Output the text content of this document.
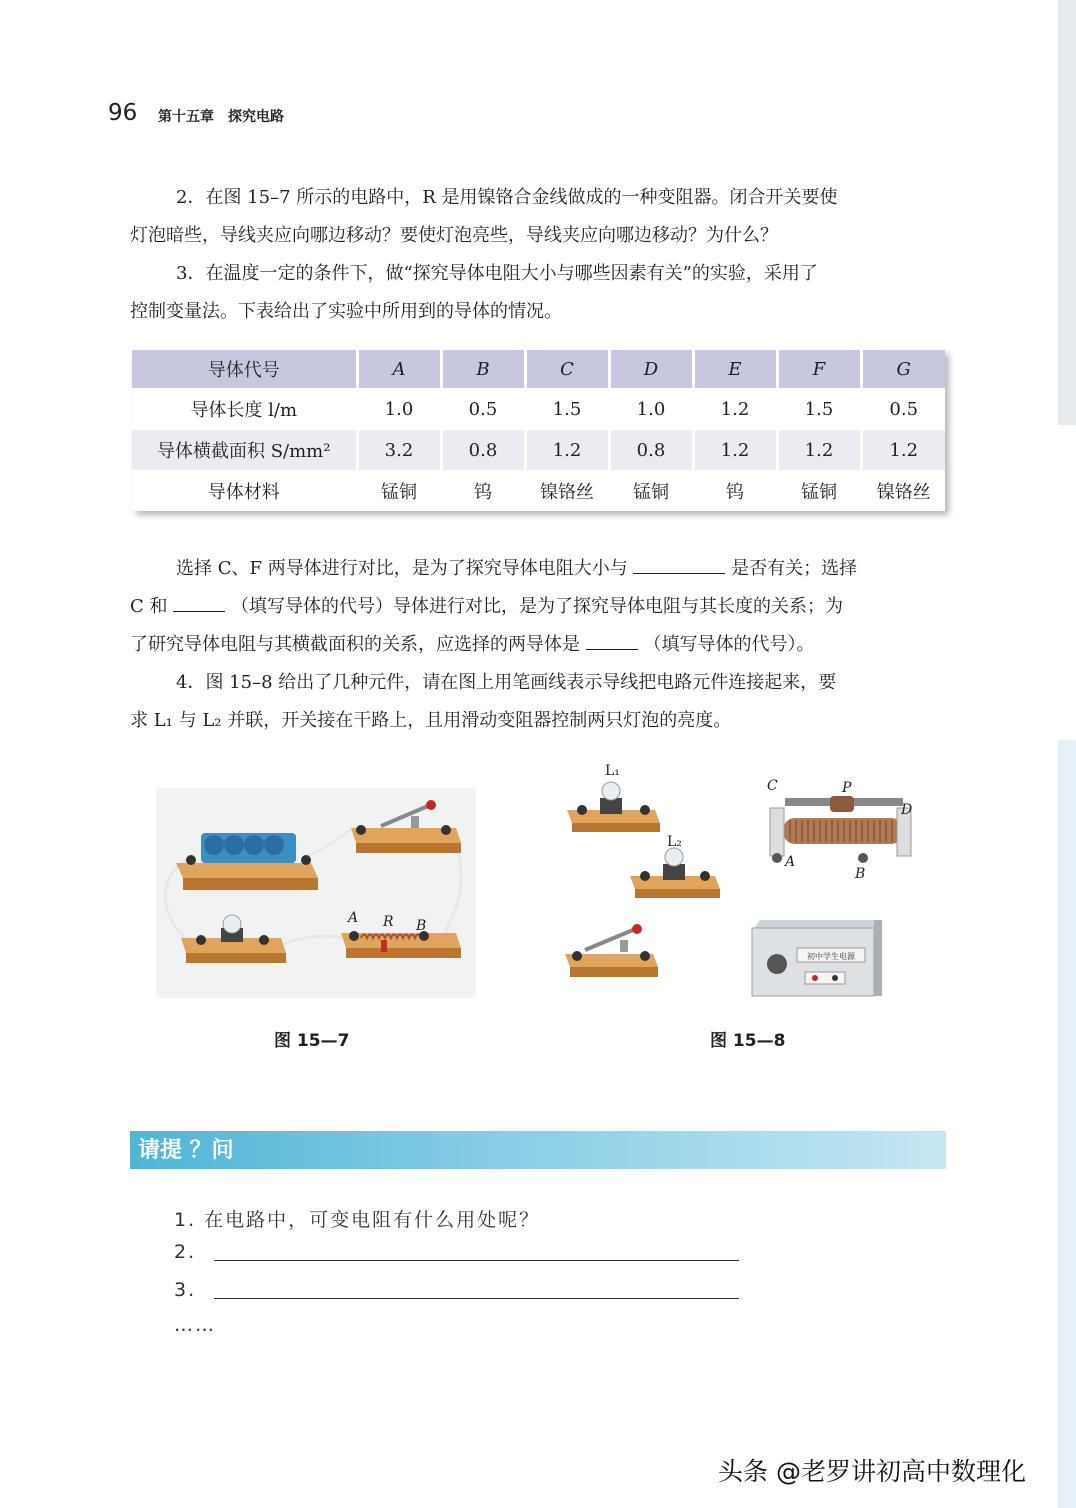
96 第十五章　探究电路

2．在图 15–7 所示的电路中，R 是用镍铬合金线做成的一种变阻器。闭合开关要使

灯泡暗些，导线夹应向哪边移动？要使灯泡亮些，导线夹应向哪边移动？为什么？

3．在温度一定的条件下，做“探究导体电阻大小与哪些因素有关”的实验，采用了

控制变量法。下表给出了实验中所用到的导体的情况。

导体代号	A	B	C	D	E	F	G
导体长度 l/m	1.0	0.5	1.5	1.0	1.2	1.5	0.5
导体横截面积 S/mm²	3.2	0.8	1.2	0.8	1.2	1.2	1.2
导体材料	锰铜	钨	镍铬丝	锰铜	钨	锰铜	镍铬丝

选择 C、F 两导体进行对比，是为了探究导体电阻大小与	是否有关；选择

C 和	（填写导体的代号）导体进行对比，是为了探究导体电阻与其长度的关系；为

了研究导体电阻与其横截面积的关系，应选择的两导体是	（填写导体的代号）。

4．图 15–8 给出了几种元件，请在图上用笔画线表示导线把电路元件连接起来，要

求 L₁ 与 L₂ 并联，开关接在干路上，且用滑动变阻器控制两只灯泡的亮度。

A R B
图 15—7
L₁
L₂
C	P
D
A
B
初中学生电源
图 15—8
请提 ？问
1. 在电路中，可变电阻有什么用处呢？
2.
3.
……
头条 @老罗讲初高中数理化
